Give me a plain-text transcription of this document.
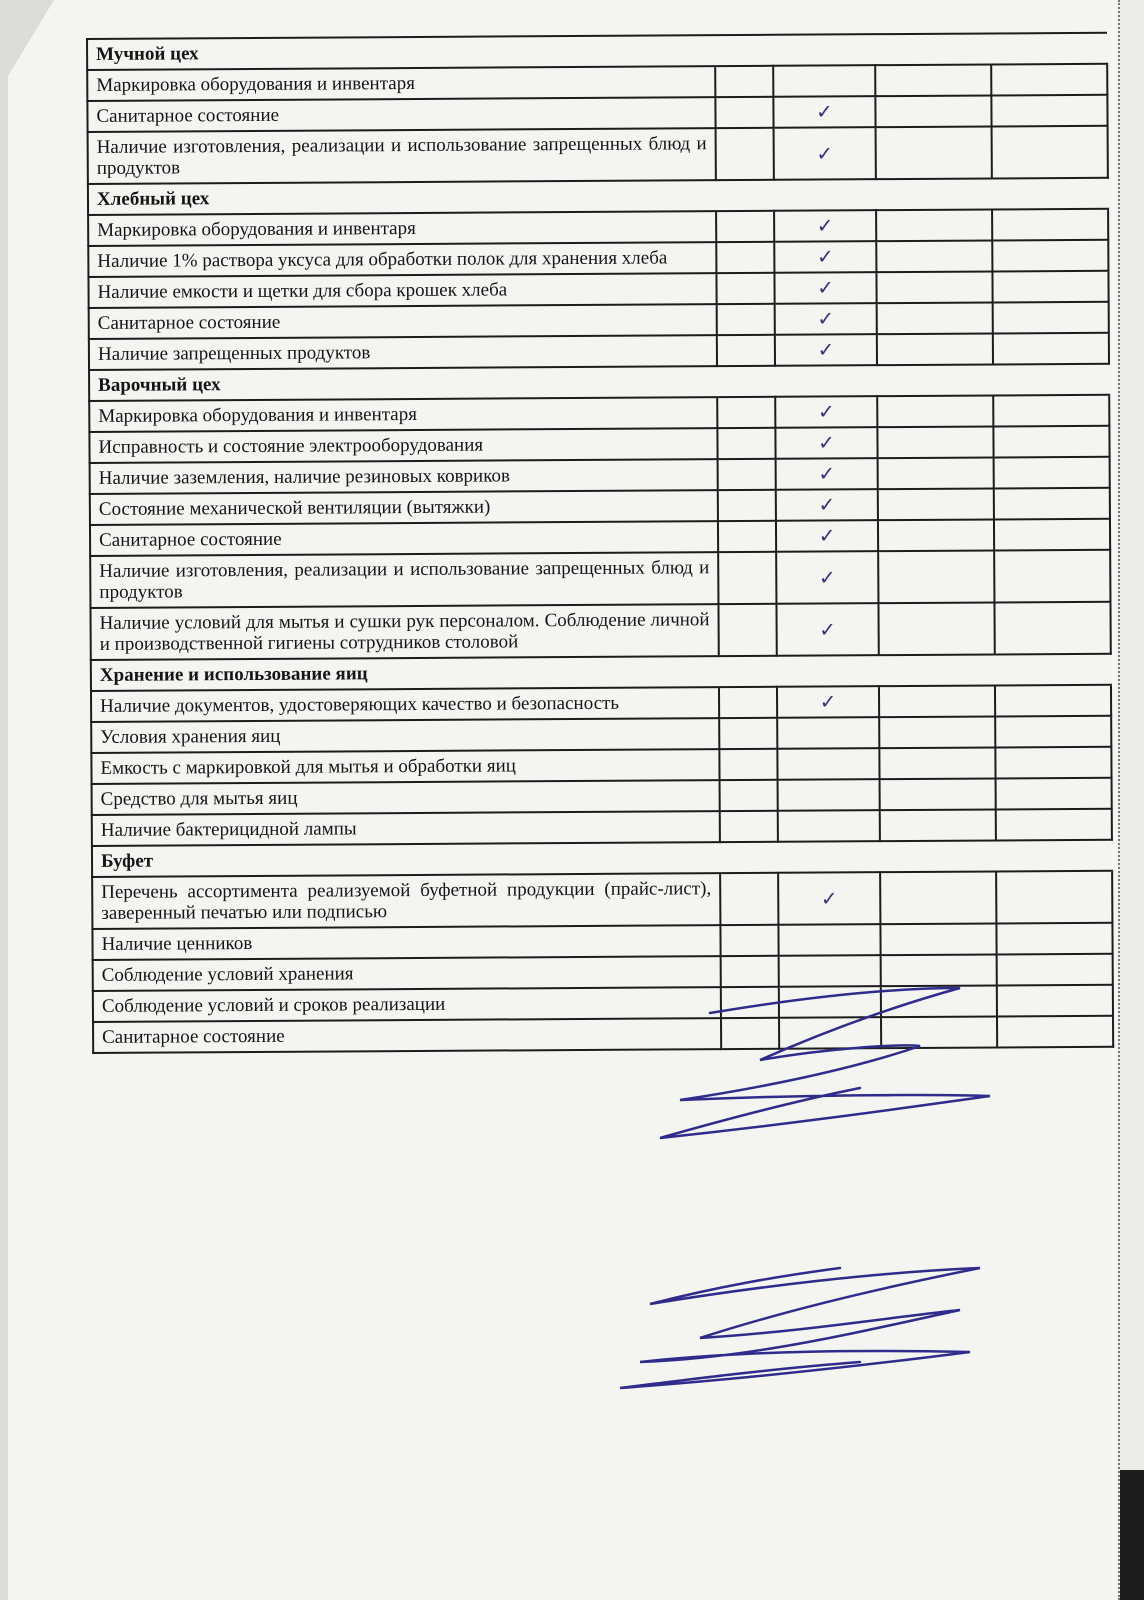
Мучной цех				
Маркировка оборудования и инвентаря				
Санитарное состояние		✓		
Наличие изготовления, реализации и использование запрещенных блюд и продуктов		✓		
Хлебный цех				
Маркировка оборудования и инвентаря		✓		
Наличие 1% раствора уксуса для обработки полок для хранения хлеба		✓		
Наличие емкости и щетки для сбора крошек хлеба		✓		
Санитарное состояние		✓		
Наличие запрещенных продуктов		✓		
Варочный цех				
Маркировка оборудования и инвентаря		✓		
Исправность и состояние электрооборудования		✓		
Наличие заземления, наличие резиновых ковриков		✓		
Состояние механической вентиляции (вытяжки)		✓		
Санитарное состояние		✓		
Наличие изготовления, реализации и использование запрещенных блюд и продуктов		✓		
Наличие условий для мытья и сушки рук персоналом. Соблюдение личной и производственной гигиены сотрудников столовой		✓		
Хранение и использование яиц				
Наличие документов, удостоверяющих качество и безопасность		✓		
Условия хранения яиц				
Емкость с маркировкой для мытья и обработки яиц				
Средство для мытья яиц				
Наличие бактерицидной лампы				
Буфет				
Перечень ассортимента реализуемой буфетной продукции (прайс-лист), заверенный печатью или подписью		✓		
Наличие ценников				
Соблюдение условий хранения				
Соблюдение условий и сроков реализации				
Санитарное состояние				
